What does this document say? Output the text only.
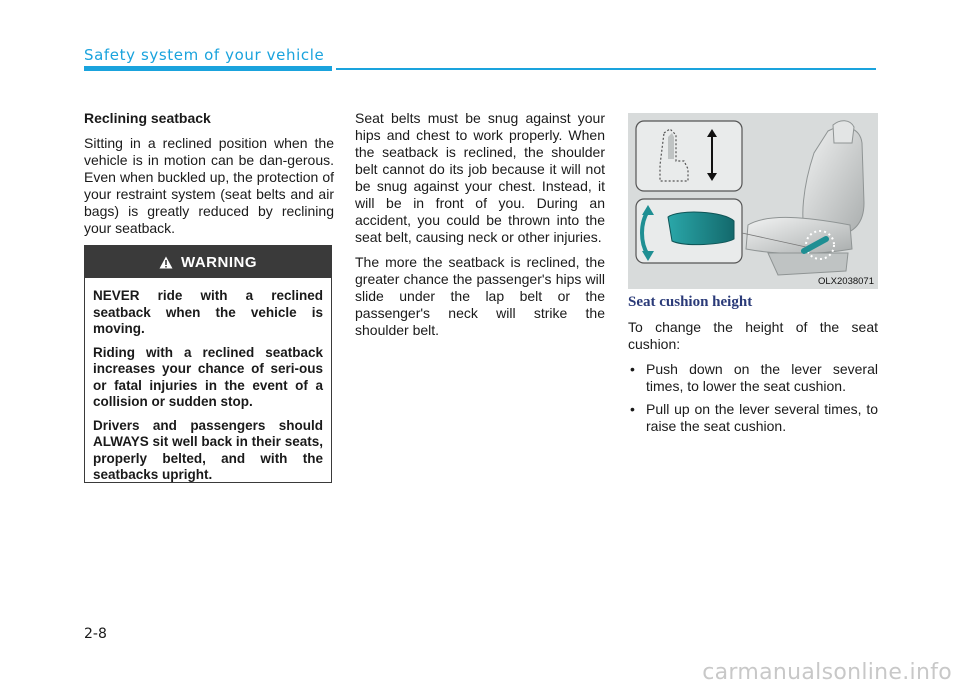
Safety system of your vehicle

Reclining seatback

Sitting in a reclined position when the vehicle is in motion can be dan-gerous. Even when buckled up, the protection of your restraint system (seat belts and air bags) is greatly reduced by reclining your seatback.

WARNING

NEVER ride with a reclined seatback when the vehicle is moving.

Riding with a reclined seatback increases your chance of seri-ous or fatal injuries in the event of a collision or sudden stop.

Drivers and passengers should ALWAYS sit well back in their seats, properly belted, and with the seatbacks upright.

Seat belts must be snug against your hips and chest to work properly. When the seatback is reclined, the shoulder belt cannot do its job because it will not be snug against your chest. Instead, it will be in front of you. During an accident, you could be thrown into the seat belt, causing neck or other injuries.

The more the seatback is reclined, the greater chance the passenger's hips will slide under the lap belt or the passenger's neck will strike the shoulder belt.

OLX2038071

Seat cushion height

To change the height of the seat cushion:

• Push down on the lever several times, to lower the seat cushion.
• Pull up on the lever several times, to raise the seat cushion.
2-8
carmanualsonline.info
